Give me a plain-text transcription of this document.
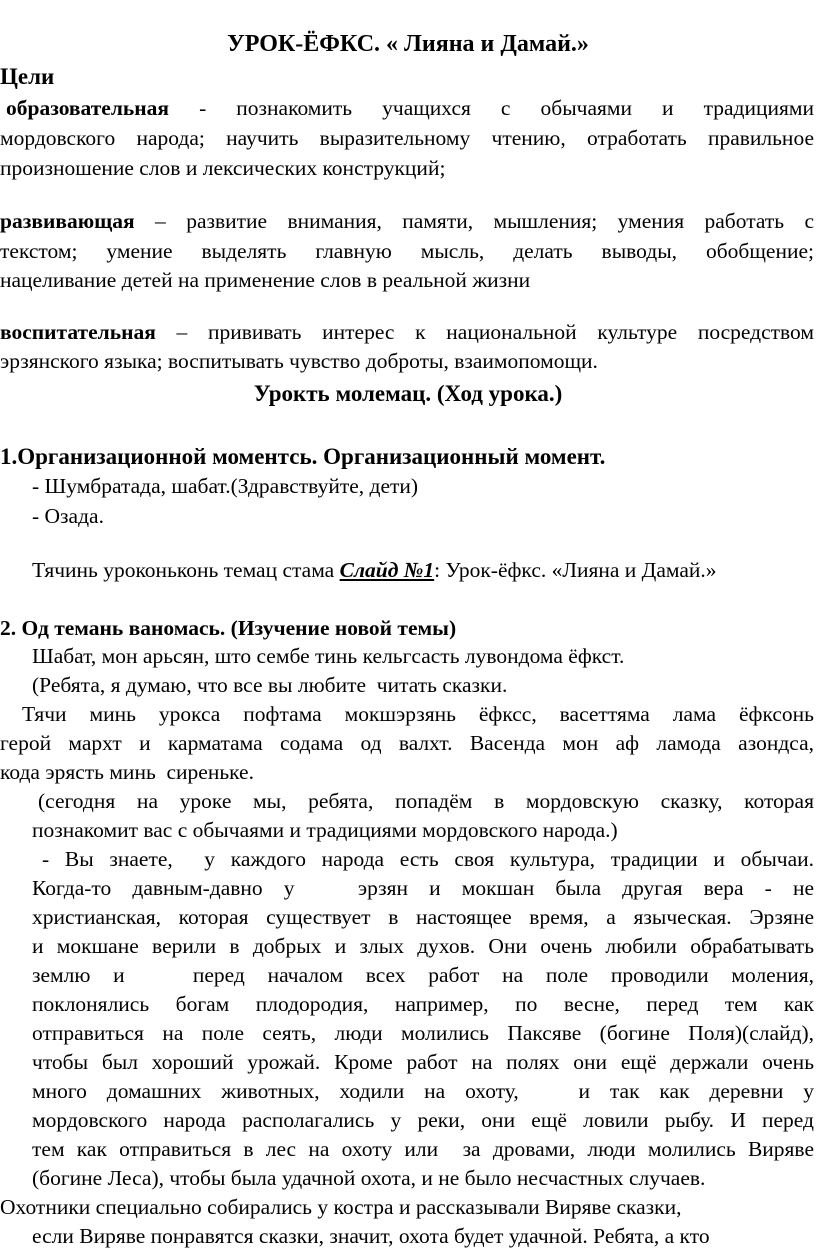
УРОК-ЁФКС. « Лияна и Дамай.»
Цели
образовательная - познакомить учащихся с обычаями и традициями
мордовского народа; научить выразительному чтению, отработать правильное
произношение слов и лексических конструкций;
развивающая – развитие внимания, памяти, мышления; умения работать с
текстом; умение выделять главную мысль, делать выводы, обобщение;
нацеливание детей на применение слов в реальной жизни
воспитательная – прививать интерес к национальной культуре посредством
эрзянского языка; воспитывать чувство доброты, взаимопомощи.
Урокть молемац. (Ход урока.)
1.Организационной моментсь. Организационный момент.
- Шумбратада, шабат.(Здравствуйте, дети)
- Озада.
Тячинь уроконьконь темац стама Слайд №1: Урок-ёфкс. «Лияна и Дамай.»
2. Од темань ваномась. (Изучение новой темы)
Шабат, мон арьсян, што сембе тинь кельгсасть лувондома ёфкст.
(Ребята, я думаю, что все вы любите  читать сказки.
Тячи минь урокса пофтама мокшэрзянь ёфксс, васеттяма лама ёфксонь
герой мархт и карматама содама од валхт. Васенда мон аф ламода азондса,
кода эрясть минь  сиреньке.
(сегодня на уроке мы, ребята, попадём в мордовскую сказку, которая
познакомит вас с обычаями и традициями мордовского народа.)
- Вы знаете,  у каждого народа есть своя культура, традиции и обычаи.
Когда-то давным-давно у   эрзян и мокшан была другая вера - не
христианская, которая существует в настоящее время, а языческая. Эрзяне
и мокшане верили в добрых и злых духов. Они очень любили обрабатывать
землю и   перед началом всех работ на поле проводили моления,
поклонялись богам плодородия, например, по весне, перед тем как
отправиться на поле сеять, люди молились Паксяве (богине Поля)(слайд),
чтобы был хороший урожай. Кроме работ на полях они ещё держали очень
много домашних животных, ходили на охоту,   и так как деревни у
мордовского народа располагались у реки, они ещё ловили рыбу. И перед
тем как отправиться в лес на охоту или  за дровами, люди молились Виряве
(богине Леса), чтобы была удачной охота, и не было несчастных случаев.
Охотники специально собирались у костра и рассказывали Виряве сказки,
если Виряве понравятся сказки, значит, охота будет удачной. Ребята, а кто
